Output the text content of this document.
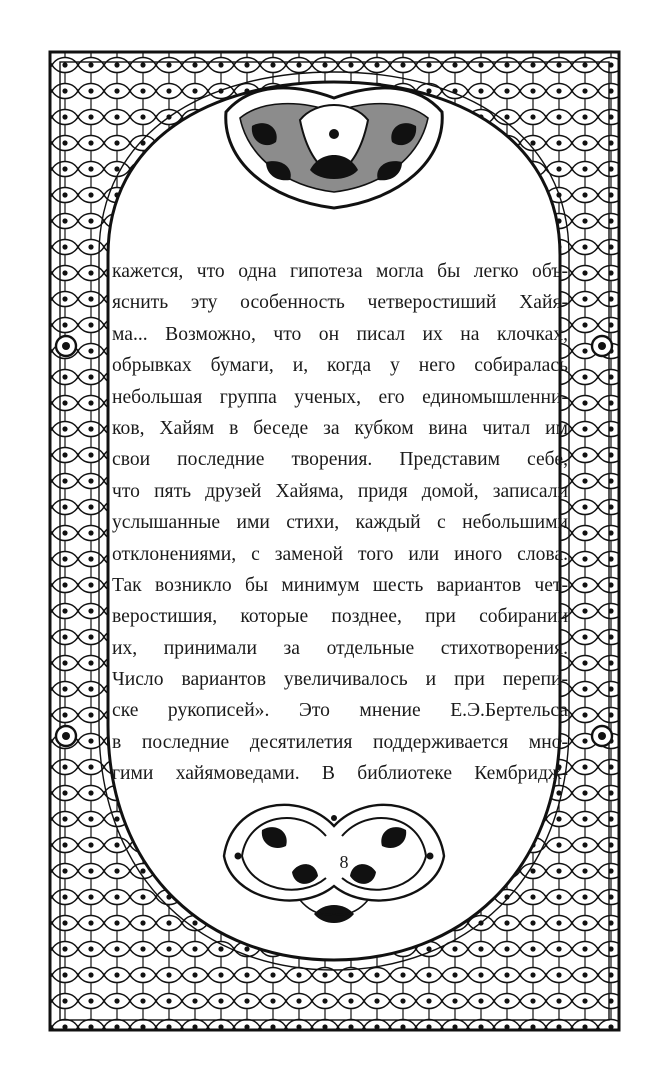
кажется, что одна гипотеза могла бы легко объ-
яснить эту особенность четверостиший Хайя-
ма... Возможно, что он писал их на клочках,
обрывках бумаги, и, когда у него собиралась
небольшая группа ученых, его единомышленни-
ков, Хайям в беседе за кубком вина читал им
свои последние творения. Представим себе,
что пять друзей Хайяма, придя домой, записали
услышанные ими стихи, каждый с небольшими
отклонениями, с заменой того или иного слова.
Так возникло бы минимум шесть вариантов чет-
веростишия, которые позднее, при собирании
их, принимали за отдельные стихотворения.
Число вариантов увеличивалось и при перепи-
ске рукописей». Это мнение Е.Э.Бертельса
в последние десятилетия поддерживается мно-
гими хайямоведами. В библиотеке Кембридж-
8
